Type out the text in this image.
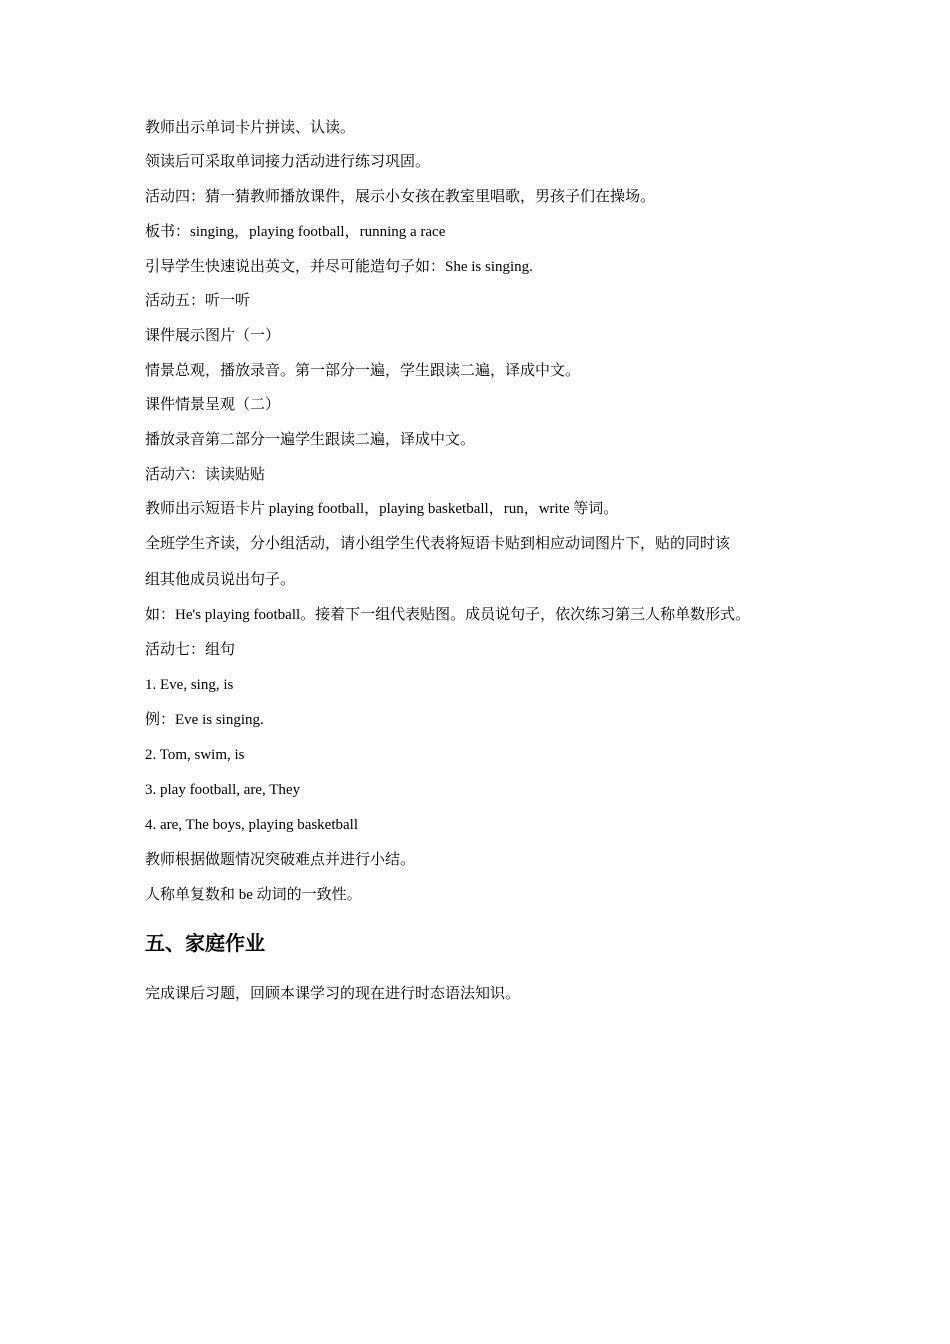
教师出示单词卡片拼读、认读。
领读后可采取单词接力活动进行练习巩固。
活动四：猜一猜教师播放课件，展示小女孩在教室里唱歌，男孩子们在操场。
板书：singing，playing football，running a race
引导学生快速说出英文，并尽可能造句子如：She is singing.
活动五：听一听
课件展示图片（一）
情景总观，播放录音。第一部分一遍，学生跟读二遍，译成中文。
课件情景呈观（二）
播放录音第二部分一遍学生跟读二遍，译成中文。
活动六：读读贴贴
教师出示短语卡片 playing football，playing basketball，run，write 等词。
全班学生齐读，分小组活动，请小组学生代表将短语卡贴到相应动词图片下，贴的同时该
组其他成员说出句子。
如：He's playing football。接着下一组代表贴图。成员说句子，依次练习第三人称单数形式。
活动七：组句
1. Eve, sing, is
例：Eve is singing.
2. Tom, swim, is
3. play football, are, They
4. are, The boys, playing basketball
教师根据做题情况突破难点并进行小结。
人称单复数和 be 动词的一致性。
五、家庭作业
完成课后习题，回顾本课学习的现在进行时态语法知识。
